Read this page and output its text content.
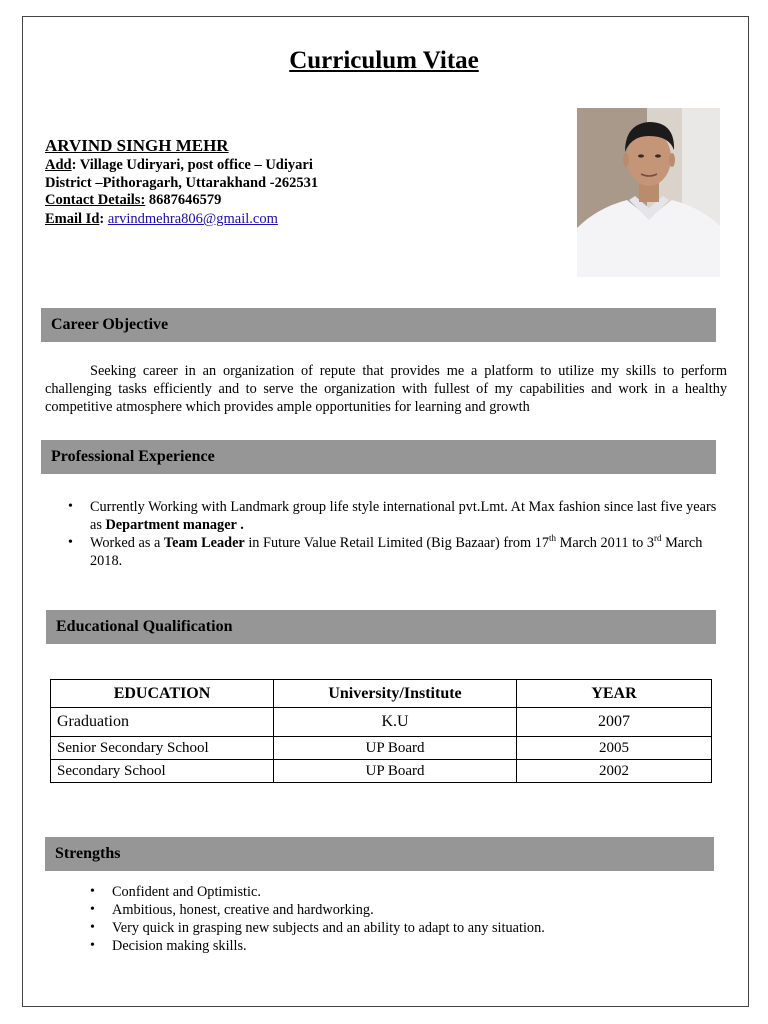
Curriculum Vitae
ARVIND SINGH MEHR
Add: Village Udiryari, post office – Udiyari
District –Pithoragarh, Uttarakhand -262531
Contact Details: 8687646579
Email Id: arvindmehra806@gmail.com
Career Objective
Seeking career in an organization of repute that provides me a platform to utilize my skills to perform challenging tasks efficiently and to serve the organization with fullest of my capabilities and work in a healthy competitive atmosphere which provides ample opportunities for learning and growth
Professional Experience
• Currently Working with Landmark group life style international pvt.Lmt. At Max fashion since last five years as Department manager .
• Worked as a Team Leader in Future Value Retail Limited (Big Bazaar) from 17th March 2011 to 3rd March 2018.
Educational Qualification
EDUCATION	University/Institute	YEAR
Graduation	K.U	2007
Senior Secondary School	UP Board	2005
Secondary School	UP Board	2002
Strengths
• Confident and Optimistic.
• Ambitious, honest, creative and hardworking.
• Very quick in grasping new subjects and an ability to adapt to any situation.
• Decision making skills.
